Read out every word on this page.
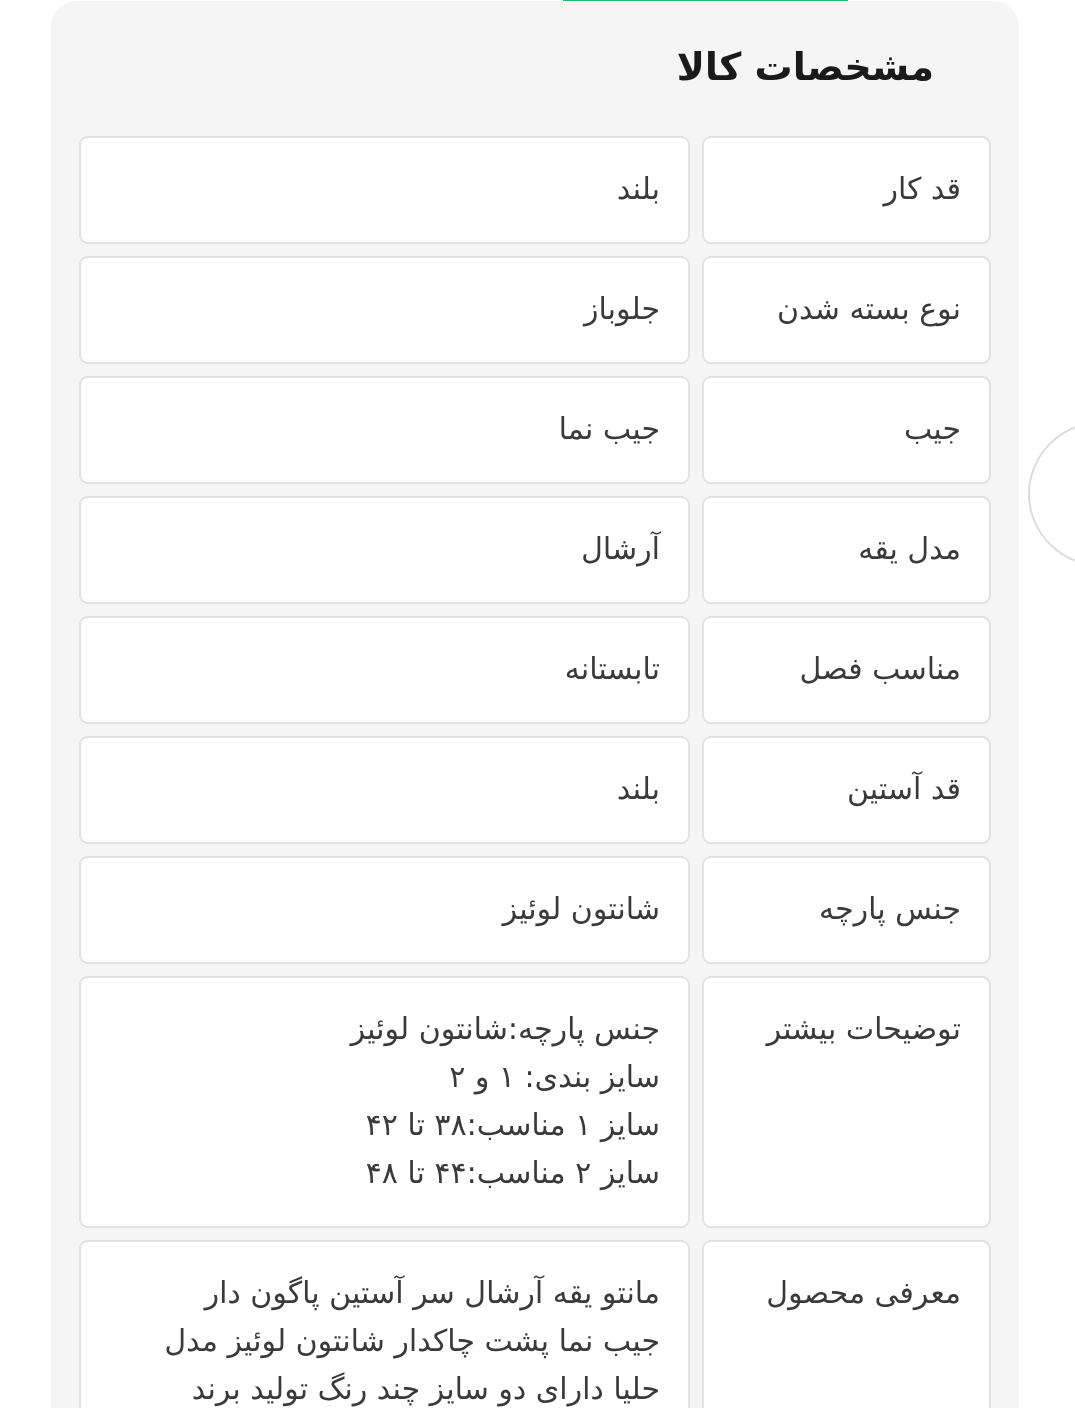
مشخصات کالا
قد کار
بلند
نوع بسته شدن
جلوباز
جیب
جیب نما
مدل یقه
آرشال
مناسب فصل
تابستانه
قد آستین
بلند
جنس پارچه
شانتون لوئیز
توضیحات بیشتر
جنس پارچه:شانتون لوئیز
سایز بندی: ۱ و ۲
سایز ۱ مناسب:۳۸ تا ۴۲
سایز ۲ مناسب:۴۴ تا ۴۸
معرفی محصول
مانتو یقه آرشال سر آستین پاگون دار
جیب نما پشت چاکدار شانتون لوئیز مدل
حلیا دارای دو سایز چند رنگ تولید برند
